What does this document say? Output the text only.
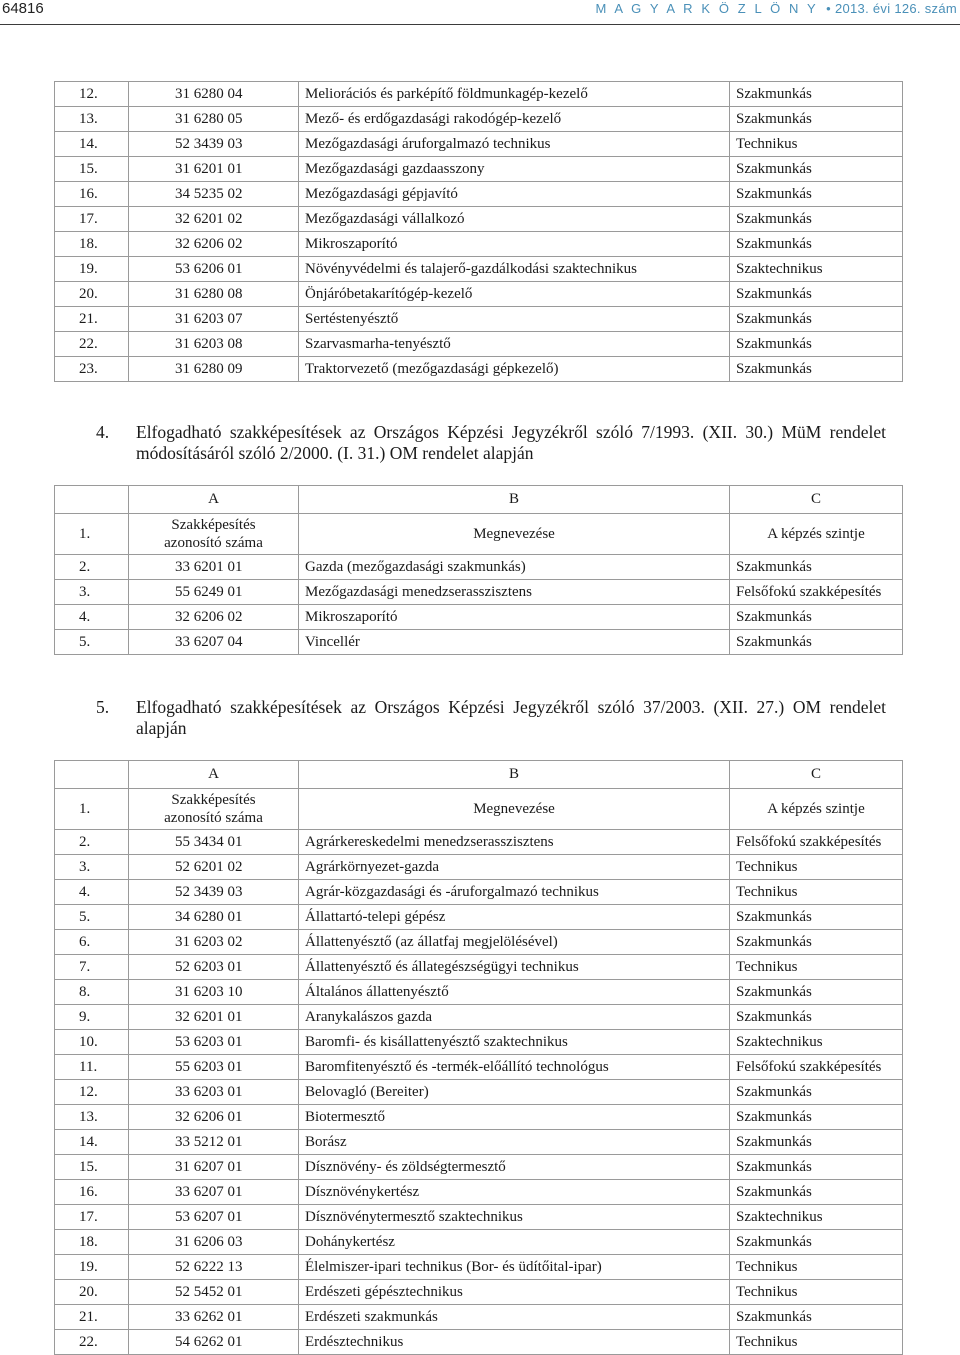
64816	M A G Y A R K Ö Z L Ö N Y • 2013. évi 126. szám
12.	31 6280 04	Meliorációs és parképítő földmunkagép-kezelő	Szakmunkás
13.	31 6280 05	Mező- és erdőgazdasági rakodógép-kezelő	Szakmunkás
14.	52 3439 03	Mezőgazdasági áruforgalmazó technikus	Technikus
15.	31 6201 01	Mezőgazdasági gazdaasszony	Szakmunkás
16.	34 5235 02	Mezőgazdasági gépjavító	Szakmunkás
17.	32 6201 02	Mezőgazdasági vállalkozó	Szakmunkás
18.	32 6206 02	Mikroszaporító	Szakmunkás
19.	53 6206 01	Növényvédelmi és talajerő-gazdálkodási szaktechnikus	Szaktechnikus
20.	31 6280 08	Önjáróbetakarítógép-kezelő	Szakmunkás
21.	31 6203 07	Sertéstenyésztő	Szakmunkás
22.	31 6203 08	Szarvasmarha-tenyésztő	Szakmunkás
23.	31 6280 09	Traktorvezető (mezőgazdasági gépkezelő)	Szakmunkás
4. Elfogadható szakképesítések az Országos Képzési Jegyzékről szóló 7/1993. (XII. 30.) MüM rendelet
módosításáról szóló 2/2000. (I. 31.) OM rendelet alapján
	A	B	C
1.	Szakképesítés
azonosító száma	Megnevezése	A képzés szintje
2.	33 6201 01	Gazda (mezőgazdasági szakmunkás)	Szakmunkás
3.	55 6249 01	Mezőgazdasági menedzserasszisztens	Felsőfokú szakképesítés
4.	32 6206 02	Mikroszaporító	Szakmunkás
5.	33 6207 04	Vincellér	Szakmunkás
5. Elfogadható szakképesítések az Országos Képzési Jegyzékről szóló 37/2003. (XII. 27.) OM rendelet
alapján
	A	B	C
1.	Szakképesítés
azonosító száma	Megnevezése	A képzés szintje
2.	55 3434 01	Agrárkereskedelmi menedzserasszisztens	Felsőfokú szakképesítés
3.	52 6201 02	Agrárkörnyezet-gazda	Technikus
4.	52 3439 03	Agrár-közgazdasági és -áruforgalmazó technikus	Technikus
5.	34 6280 01	Állattartó-telepi gépész	Szakmunkás
6.	31 6203 02	Állattenyésztő (az állatfaj megjelölésével)	Szakmunkás
7.	52 6203 01	Állattenyésztő és állategészségügyi technikus	Technikus
8.	31 6203 10	Általános állattenyésztő	Szakmunkás
9.	32 6201 01	Aranykalászos gazda	Szakmunkás
10.	53 6203 01	Baromfi- és kisállattenyésztő szaktechnikus	Szaktechnikus
11.	55 6203 01	Baromfitenyésztő és -termék-előállító technológus	Felsőfokú szakképesítés
12.	33 6203 01	Belovagló (Bereiter)	Szakmunkás
13.	32 6206 01	Biotermesztő	Szakmunkás
14.	33 5212 01	Borász	Szakmunkás
15.	31 6207 01	Dísznövény- és zöldségtermesztő	Szakmunkás
16.	33 6207 01	Dísznövénykertész	Szakmunkás
17.	53 6207 01	Dísznövénytermesztő szaktechnikus	Szaktechnikus
18.	31 6206 03	Dohánykertész	Szakmunkás
19.	52 6222 13	Élelmiszer-ipari technikus (Bor- és üdítőital-ipar)	Technikus
20.	52 5452 01	Erdészeti gépésztechnikus	Technikus
21.	33 6262 01	Erdészeti szakmunkás	Szakmunkás
22.	54 6262 01	Erdésztechnikus	Technikus
